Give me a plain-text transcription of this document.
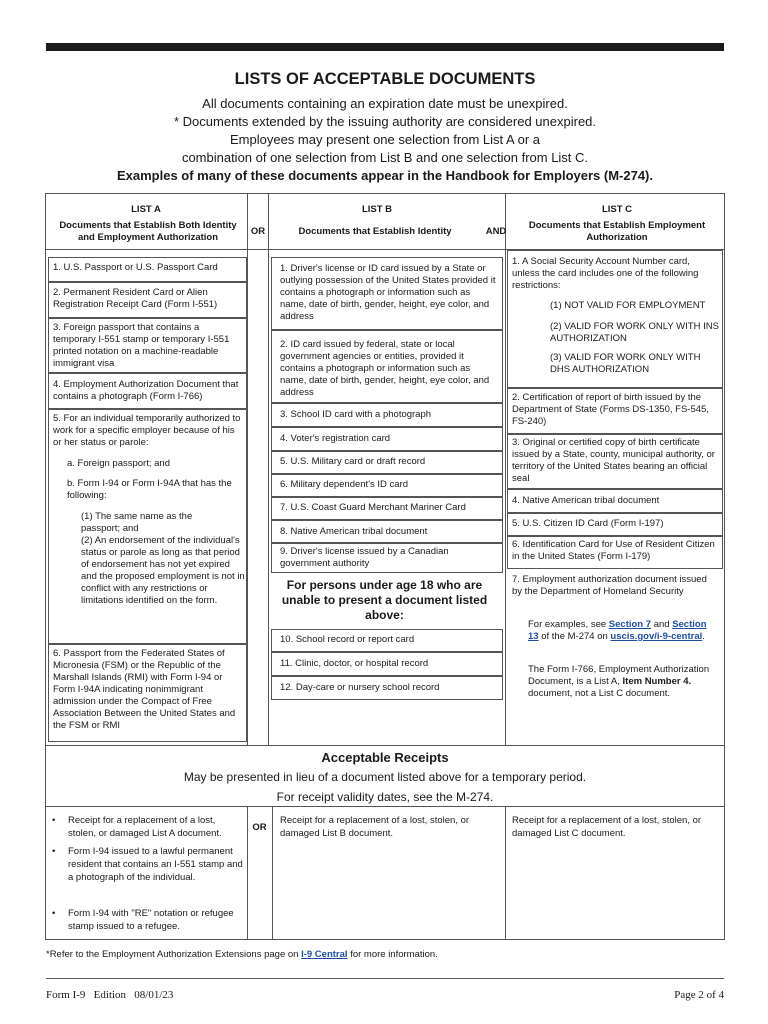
LISTS OF ACCEPTABLE DOCUMENTS
All documents containing an expiration date must be unexpired.
* Documents extended by the issuing authority are considered unexpired.
Employees may present one selection from List A or a
combination of one selection from List B and one selection from List C.
Examples of many of these documents appear in the Handbook for Employers (M-274).
LIST A
Documents that Establish Both Identity and Employment Authorization
OR
LIST B
Documents that Establish Identity	AND
LIST C
Documents that Establish Employment Authorization
1. U.S. Passport or U.S. Passport Card
2. Permanent Resident Card or Alien Registration Receipt Card (Form I-551)
3. Foreign passport that contains a temporary I-551 stamp or temporary I-551 printed notation on a machine-readable immigrant visa
4. Employment Authorization Document that contains a photograph (Form I-766)
5. For an individual temporarily authorized to work for a specific employer because of his or her status or parole:
a. Foreign passport; and
b. Form I-94 or Form I-94A that has the following:
(1) The same name as the passport; and
(2) An endorsement of the individual's status or parole as long as that period of endorsement has not yet expired and the proposed employment is not in conflict with any restrictions or limitations identified on the form.
6. Passport from the Federated States of Micronesia (FSM) or the Republic of the Marshall Islands (RMI) with Form I-94 or Form I-94A indicating nonimmigrant admission under the Compact of Free Association Between the United States and the FSM or RMI
1. Driver's license or ID card issued by a State or outlying possession of the United States provided it contains a photograph or information such as name, date of birth, gender, height, eye color, and address
2. ID card issued by federal, state or local government agencies or entities, provided it contains a photograph or information such as name, date of birth, gender, height, eye color, and address
3. School ID card with a photograph
4. Voter's registration card
5. U.S. Military card or draft record
6. Military dependent's ID card
7. U.S. Coast Guard Merchant Mariner Card
8. Native American tribal document
9. Driver's license issued by a Canadian government authority
For persons under age 18 who are unable to present a document listed above:
10. School record or report card
11. Clinic, doctor, or hospital record
12. Day-care or nursery school record
1. A Social Security Account Number card, unless the card includes one of the following restrictions:
(1) NOT VALID FOR EMPLOYMENT
(2) VALID FOR WORK ONLY WITH INS AUTHORIZATION
(3) VALID FOR WORK ONLY WITH DHS AUTHORIZATION
2. Certification of report of birth issued by the Department of State (Forms DS-1350, FS-545, FS-240)
3. Original or certified copy of birth certificate issued by a State, county, municipal authority, or territory of the United States bearing an official seal
4. Native American tribal document
5. U.S. Citizen ID Card (Form I-197)
6. Identification Card for Use of Resident Citizen in the United States (Form I-179)
7. Employment authorization document issued by the Department of Homeland Security
For examples, see Section 7 and Section 13 of the M-274 on uscis.gov/i-9-central.
The Form I-766, Employment Authorization Document, is a List A, Item Number 4. document, not a List C document.
Acceptable Receipts
May be presented in lieu of a document listed above for a temporary period.
For receipt validity dates, see the M-274.
• Receipt for a replacement of a lost, stolen, or damaged List A document.
• Form I-94 issued to a lawful permanent resident that contains an I-551 stamp and a photograph of the individual.
• Form I-94 with "RE" notation or refugee stamp issued to a refugee.
OR
Receipt for a replacement of a lost, stolen, or damaged List B document.
Receipt for a replacement of a lost, stolen, or damaged List C document.
*Refer to the Employment Authorization Extensions page on I-9 Central for more information.
Form I-9   Edition   08/01/23	Page 2 of 4
